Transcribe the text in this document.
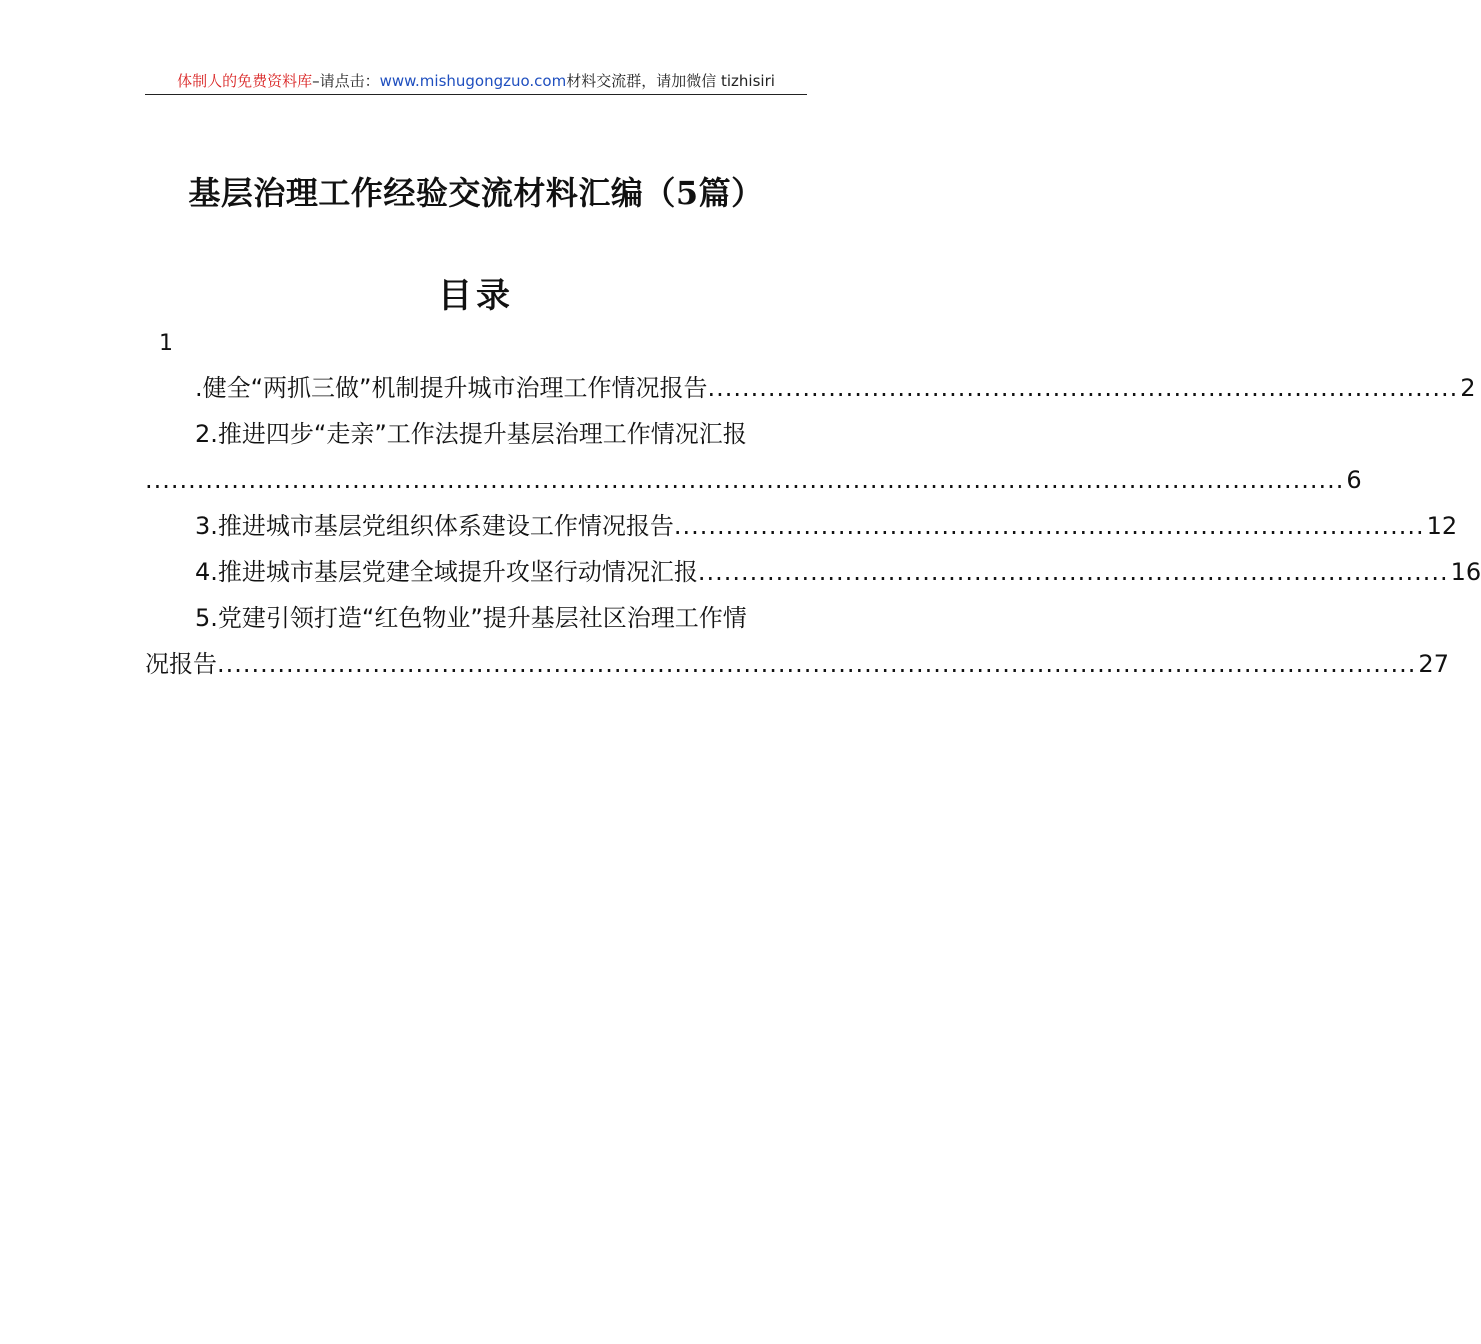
体制人的免费资料库–请点击：www.mishugongzuo.com材料交流群，请加微信 tizhisiri
基层治理工作经验交流材料汇编（5篇）
目录
1
.健全“两抓三做”机制提升城市治理工作情况报告 ....................................................................................... 2
2.推进四步“走亲”工作法提升基层治理工作情况汇报
........................................................................................................................................... 6
3.推进城市基层党组织体系建设工作情况报告 ....................................................................................... 12
4.推进城市基层党建全域提升攻坚行动情况汇报 ....................................................................................... 16
5.党建引领打造“红色物业”提升基层社区治理工作情
况报告 ........................................................................................................................................... 27
